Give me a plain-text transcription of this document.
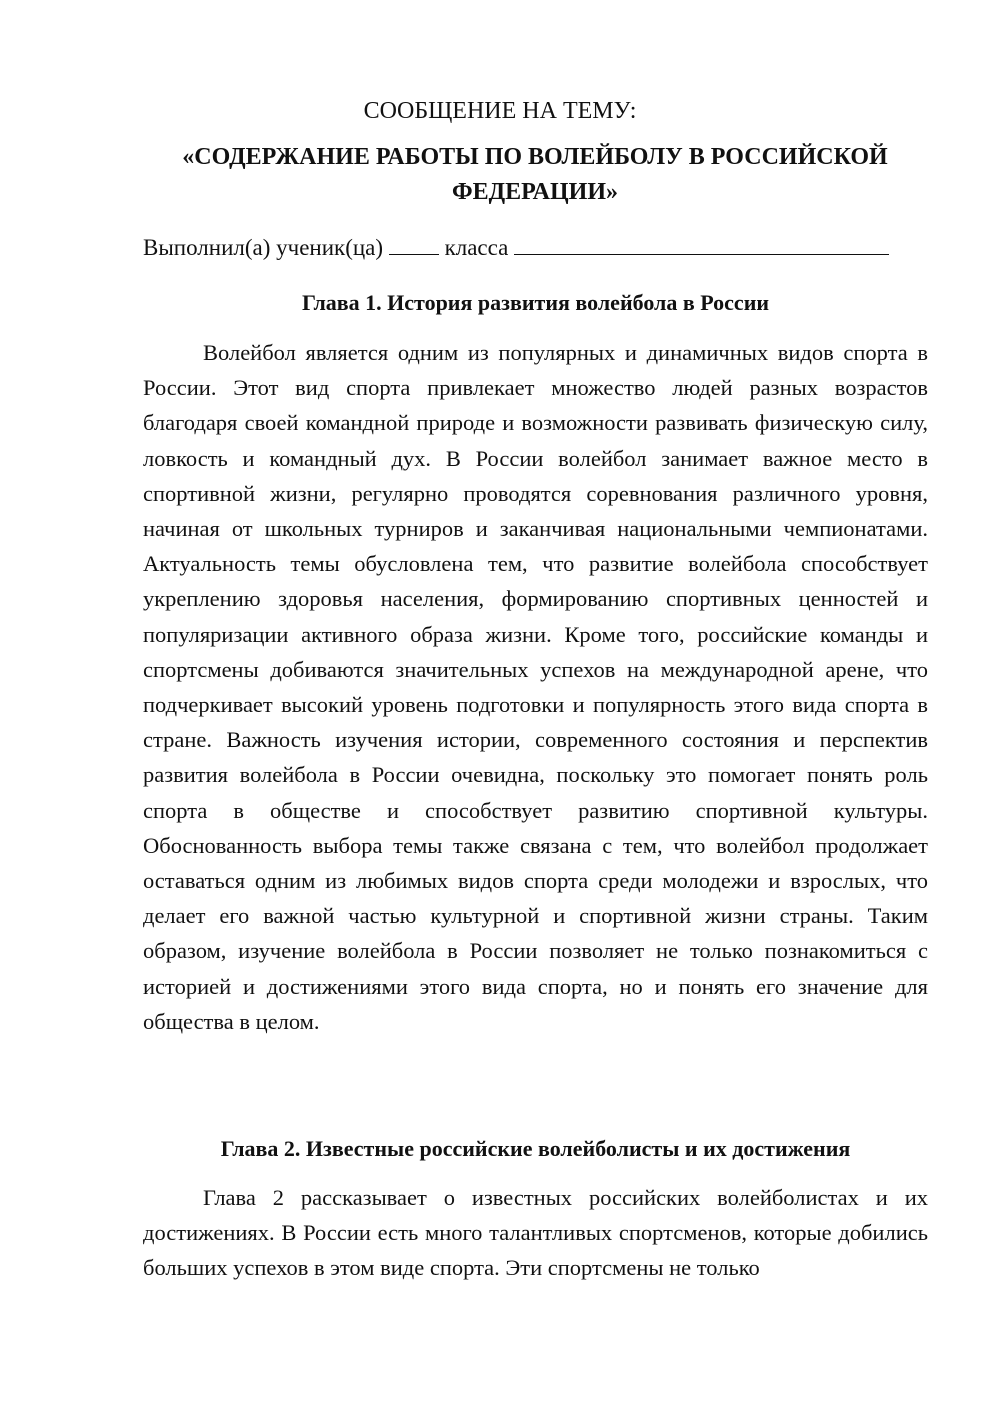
СООБЩЕНИЕ НА ТЕМУ:
«СОДЕРЖАНИЕ РАБОТЫ ПО ВОЛЕЙБОЛУ В РОССИЙСКОЙ ФЕДЕРАЦИИ»
Выполнил(а) ученик(ца)	класса
Глава 1. История развития волейбола в России

Волейбол является одним из популярных и динамичных видов спорта в России. Этот вид спорта привлекает множество людей разных возрастов благодаря своей командной природе и возможности развивать физическую силу, ловкость и командный дух. В России волейбол занимает важное место в спортивной жизни, регулярно проводятся соревнования различного уровня, начиная от школьных турниров и заканчивая национальными чемпионатами. Актуальность темы обусловлена тем, что развитие волейбола способствует укреплению здоровья населения, формированию спортивных ценностей и популяризации активного образа жизни. Кроме того, российские команды и спортсмены добиваются значительных успехов на международной арене, что подчеркивает высокий уровень подготовки и популярность этого вида спорта в стране. Важность изучения истории, современного состояния и перспектив развития волейбола в России очевидна, поскольку это помогает понять роль спорта в обществе и способствует развитию спортивной культуры. Обоснованность выбора темы также связана с тем, что волейбол продолжает оставаться одним из любимых видов спорта среди молодежи и взрослых, что делает его важной частью культурной и спортивной жизни страны. Таким образом, изучение волейбола в России позволяет не только познакомиться с историей и достижениями этого вида спорта, но и понять его значение для общества в целом.

Глава 2. Известные российские волейболисты и их достижения

Глава 2 рассказывает о известных российских волейболистах и их достижениях. В России есть много талантливых спортсменов, которые добились больших успехов в этом виде спорта. Эти спортсмены не только
